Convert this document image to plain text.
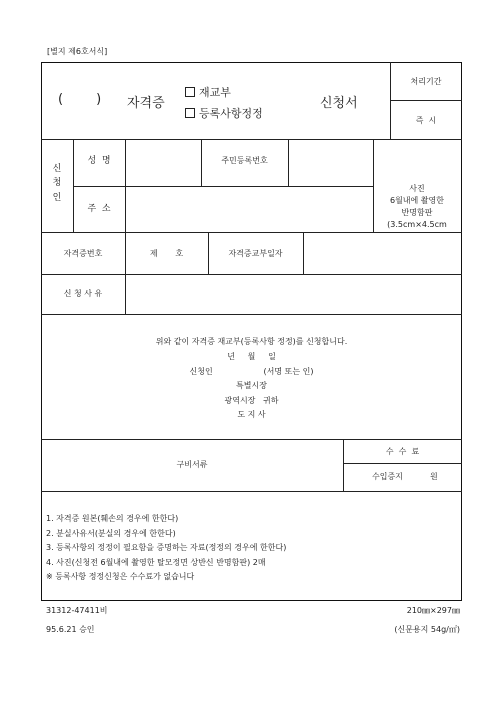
[별지 제6호서식]
(        ) 자격증
재교부
등록사항정정
신청서
처리기간
즉  시
신
청
인
성  명	주민등록번호
주  소
사진
6월내에 촬영한
반명함판
(3.5cm×4.5cm
자격증번호	제       호	자격증교부일자
신 청 사 유
위와 같이 자격증 재교부(등록사항 정정)를 신청합니다.
년     월     일
신청인                    (서명 또는 인)
특별시장
광역시장   귀하
도 지 사
구비서류
수  수  료
수입증지	원
1. 자격증 원본(훼손의 경우에 한한다)
2. 분실사유서(분실의 경우에 한한다)
3. 등록사항의 정정이 필요함을 증명하는 자료(정정의 경우에 한한다)
4. 사진(신청전 6월내에 촬영한 탈모정면 상반신 반명함판) 2매
※ 등록사항 정정신청은 수수료가 없습니다
31312-47411비
95.6.21 승인
210㎜×297㎜
(신문용지 54g/㎡)
